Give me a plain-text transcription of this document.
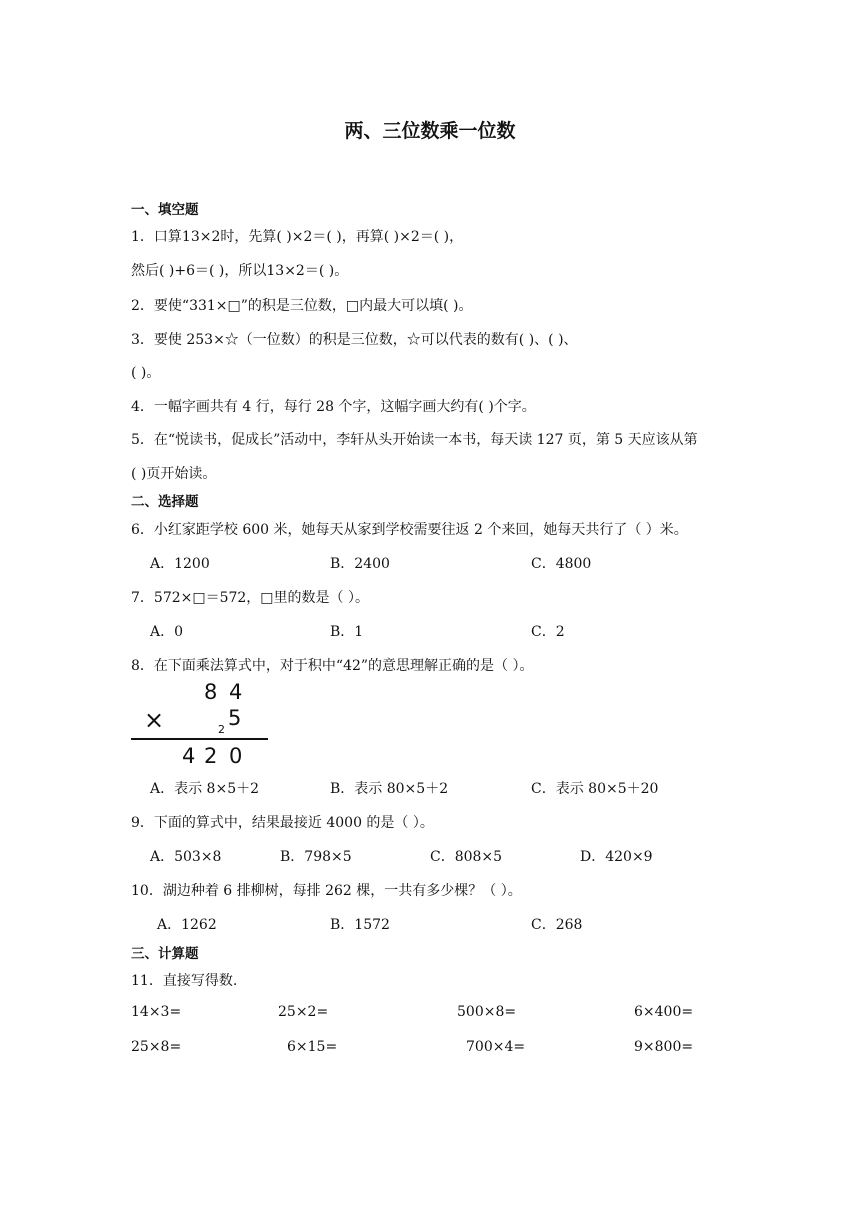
两、三位数乘一位数
一、填空题
1．口算13×2时，先算( )×2＝( )，再算( )×2＝( )，
然后( )+6＝( )，所以13×2＝( )。
2．要使“331×□”的积是三位数，□内最大可以填( )。
3．要使 253×☆（一位数）的积是三位数，☆可以代表的数有( )、( )、
( )。
4．一幅字画共有 4 行，每行 28 个字，这幅字画大约有( )个字。
5．在“悦读书，促成长”活动中，李轩从头开始读一本书，每天读 127 页，第 5 天应该从第
( )页开始读。
二、选择题
6．小红家距学校 600 米，她每天从家到学校需要往返 2 个来回，她每天共行了（ ）米。
A．1200	B．2400	C．4800
7．572×□＝572，□里的数是（ ）。
A．0	B．1	C．2
8．在下面乘法算式中，对于积中“42”的意思理解正确的是（ ）。
8 4
×	2 5
4 2 0
A．表示 8×5＋2	B．表示 80×5＋2	C．表示 80×5＋20
9．下面的算式中，结果最接近 4000 的是（ ）。
A．503×8	B．798×5	C．808×5	D．420×9
10．湖边种着 6 排柳树，每排 262 棵，一共有多少棵？（ ）。
A．1262	B．1572	C．268
三、计算题
11．直接写得数.
14×3=	25×2=	500×8=	6×400=
25×8=	6×15=	700×4=	9×800=
